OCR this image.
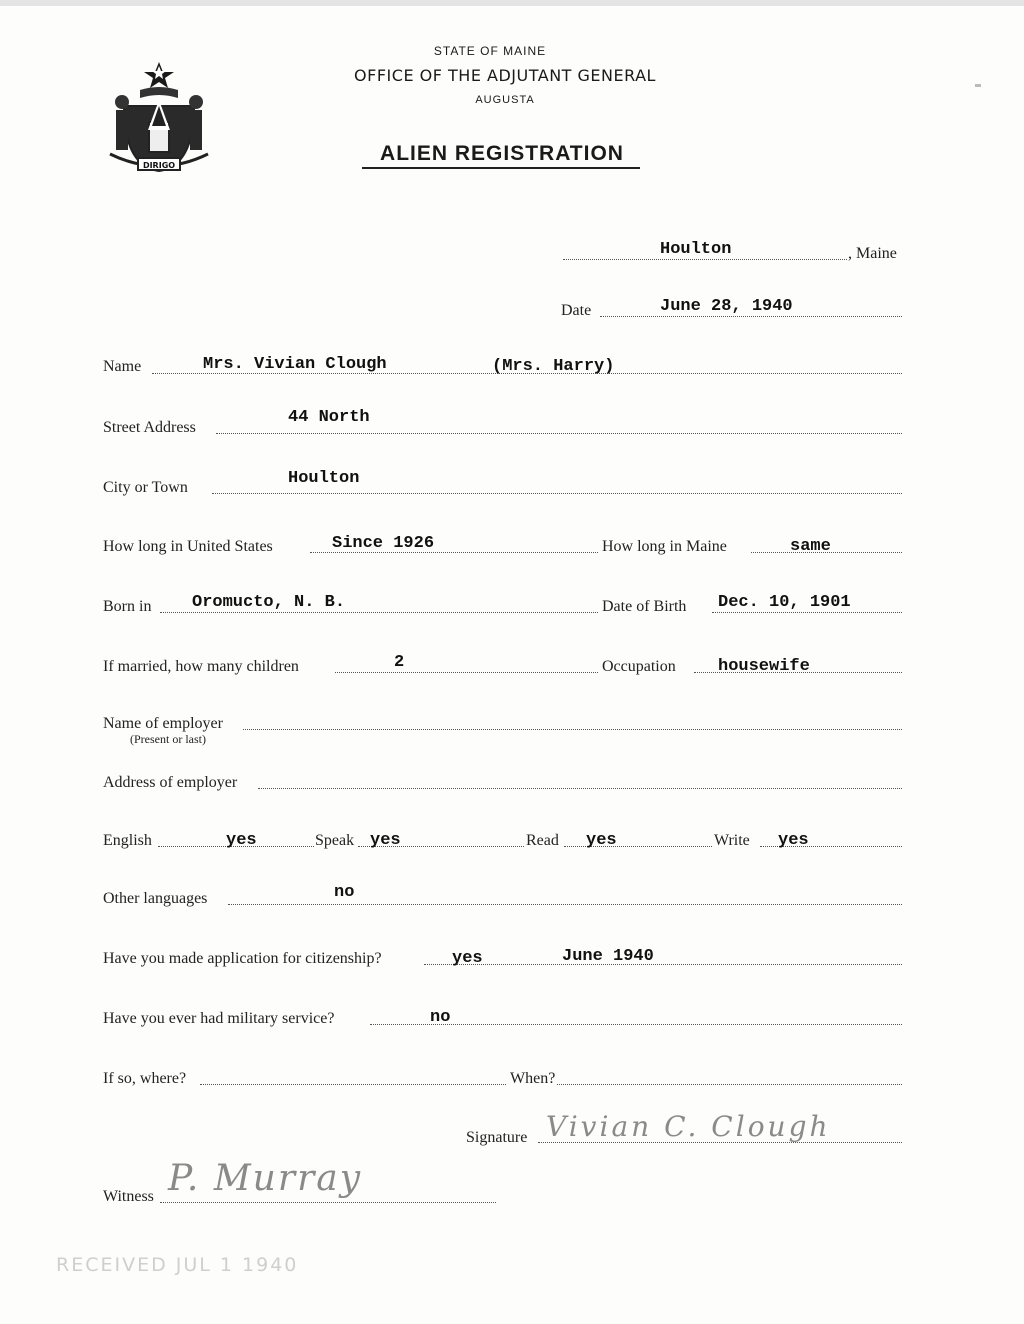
DIRIGO
STATE OF MAINE
OFFICE OF THE ADJUTANT GENERAL
AUGUSTA
ALIEN REGISTRATION
Houlton	, Maine
Date	June 28, 1940
Name	Mrs. Vivian Clough	(Mrs. Harry)
Street Address
44 North
City or Town	Houlton
How long in United States	Since 1926	How long in Maine	same
Born in Oromucto, N. B.	Date of Birth Dec. 10, 1901
If married, how many children	2	Occupation housewife
Name of employer
(Present or last)
Address of employer
English	yes	Speak yes	Read yes	Write yes
Other languages	no
Have you made application for citizenship?	yes	June 1940
Have you ever had military service?	no
If so, where?	When?
Signature Vivian C. Clough
Witness P. Murray
RECEIVED JUL 1 1940
